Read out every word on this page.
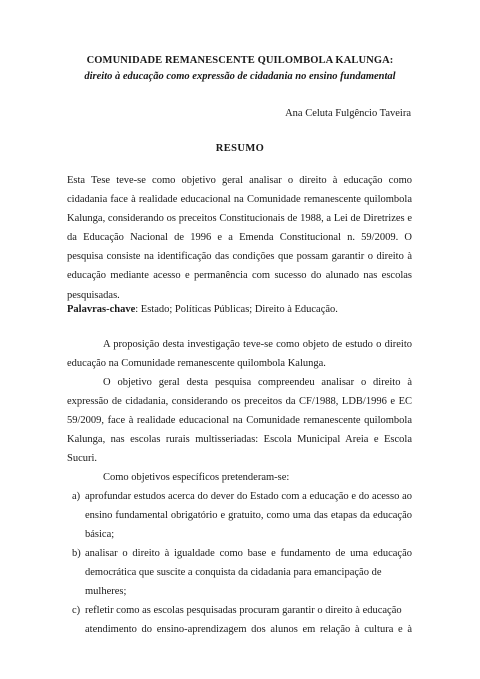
COMUNIDADE REMANESCENTE QUILOMBOLA KALUNGA:
direito à educação como expressão de cidadania no ensino fundamental
Ana Celuta Fulgêncio Taveira
RESUMO
Esta Tese teve-se como objetivo geral analisar o direito à educação como
cidadania face à realidade educacional na Comunidade remanescente quilombola
Kalunga, considerando os preceitos Constitucionais de 1988, a Lei de Diretrizes e
da Educação Nacional de 1996 e a Emenda Constitucional n. 59/2009. O
pesquisa consiste na identificação das condições que possam garantir o direito à
educação mediante acesso e permanência com sucesso do alunado nas escolas
pesquisadas.
Palavras-chave: Estado; Políticas Públicas; Direito à Educação.
A proposição desta investigação teve-se como objeto de estudo o direito
educação na Comunidade remanescente quilombola Kalunga.
O objetivo geral desta pesquisa compreendeu analisar o direito à
expressão de cidadania, considerando os preceitos da CF/1988, LDB/1996 e EC
59/2009, face à realidade educacional na Comunidade remanescente quilombola
Kalunga, nas escolas rurais multisseriadas: Escola Municipal Areia e Escola
Sucuri.
Como objetivos específicos pretenderam-se:
a) aprofundar estudos acerca do dever do Estado com a educação e do acesso ao
ensino fundamental obrigatório e gratuito, como uma das etapas da educação
básica;
b) analisar o direito à igualdade como base e fundamento de uma educação
democrática que suscite a conquista da cidadania para emancipação de
mulheres;
c) refletir como as escolas pesquisadas procuram garantir o direito à educação
atendimento do ensino-aprendizagem dos alunos em relação à cultura e à
